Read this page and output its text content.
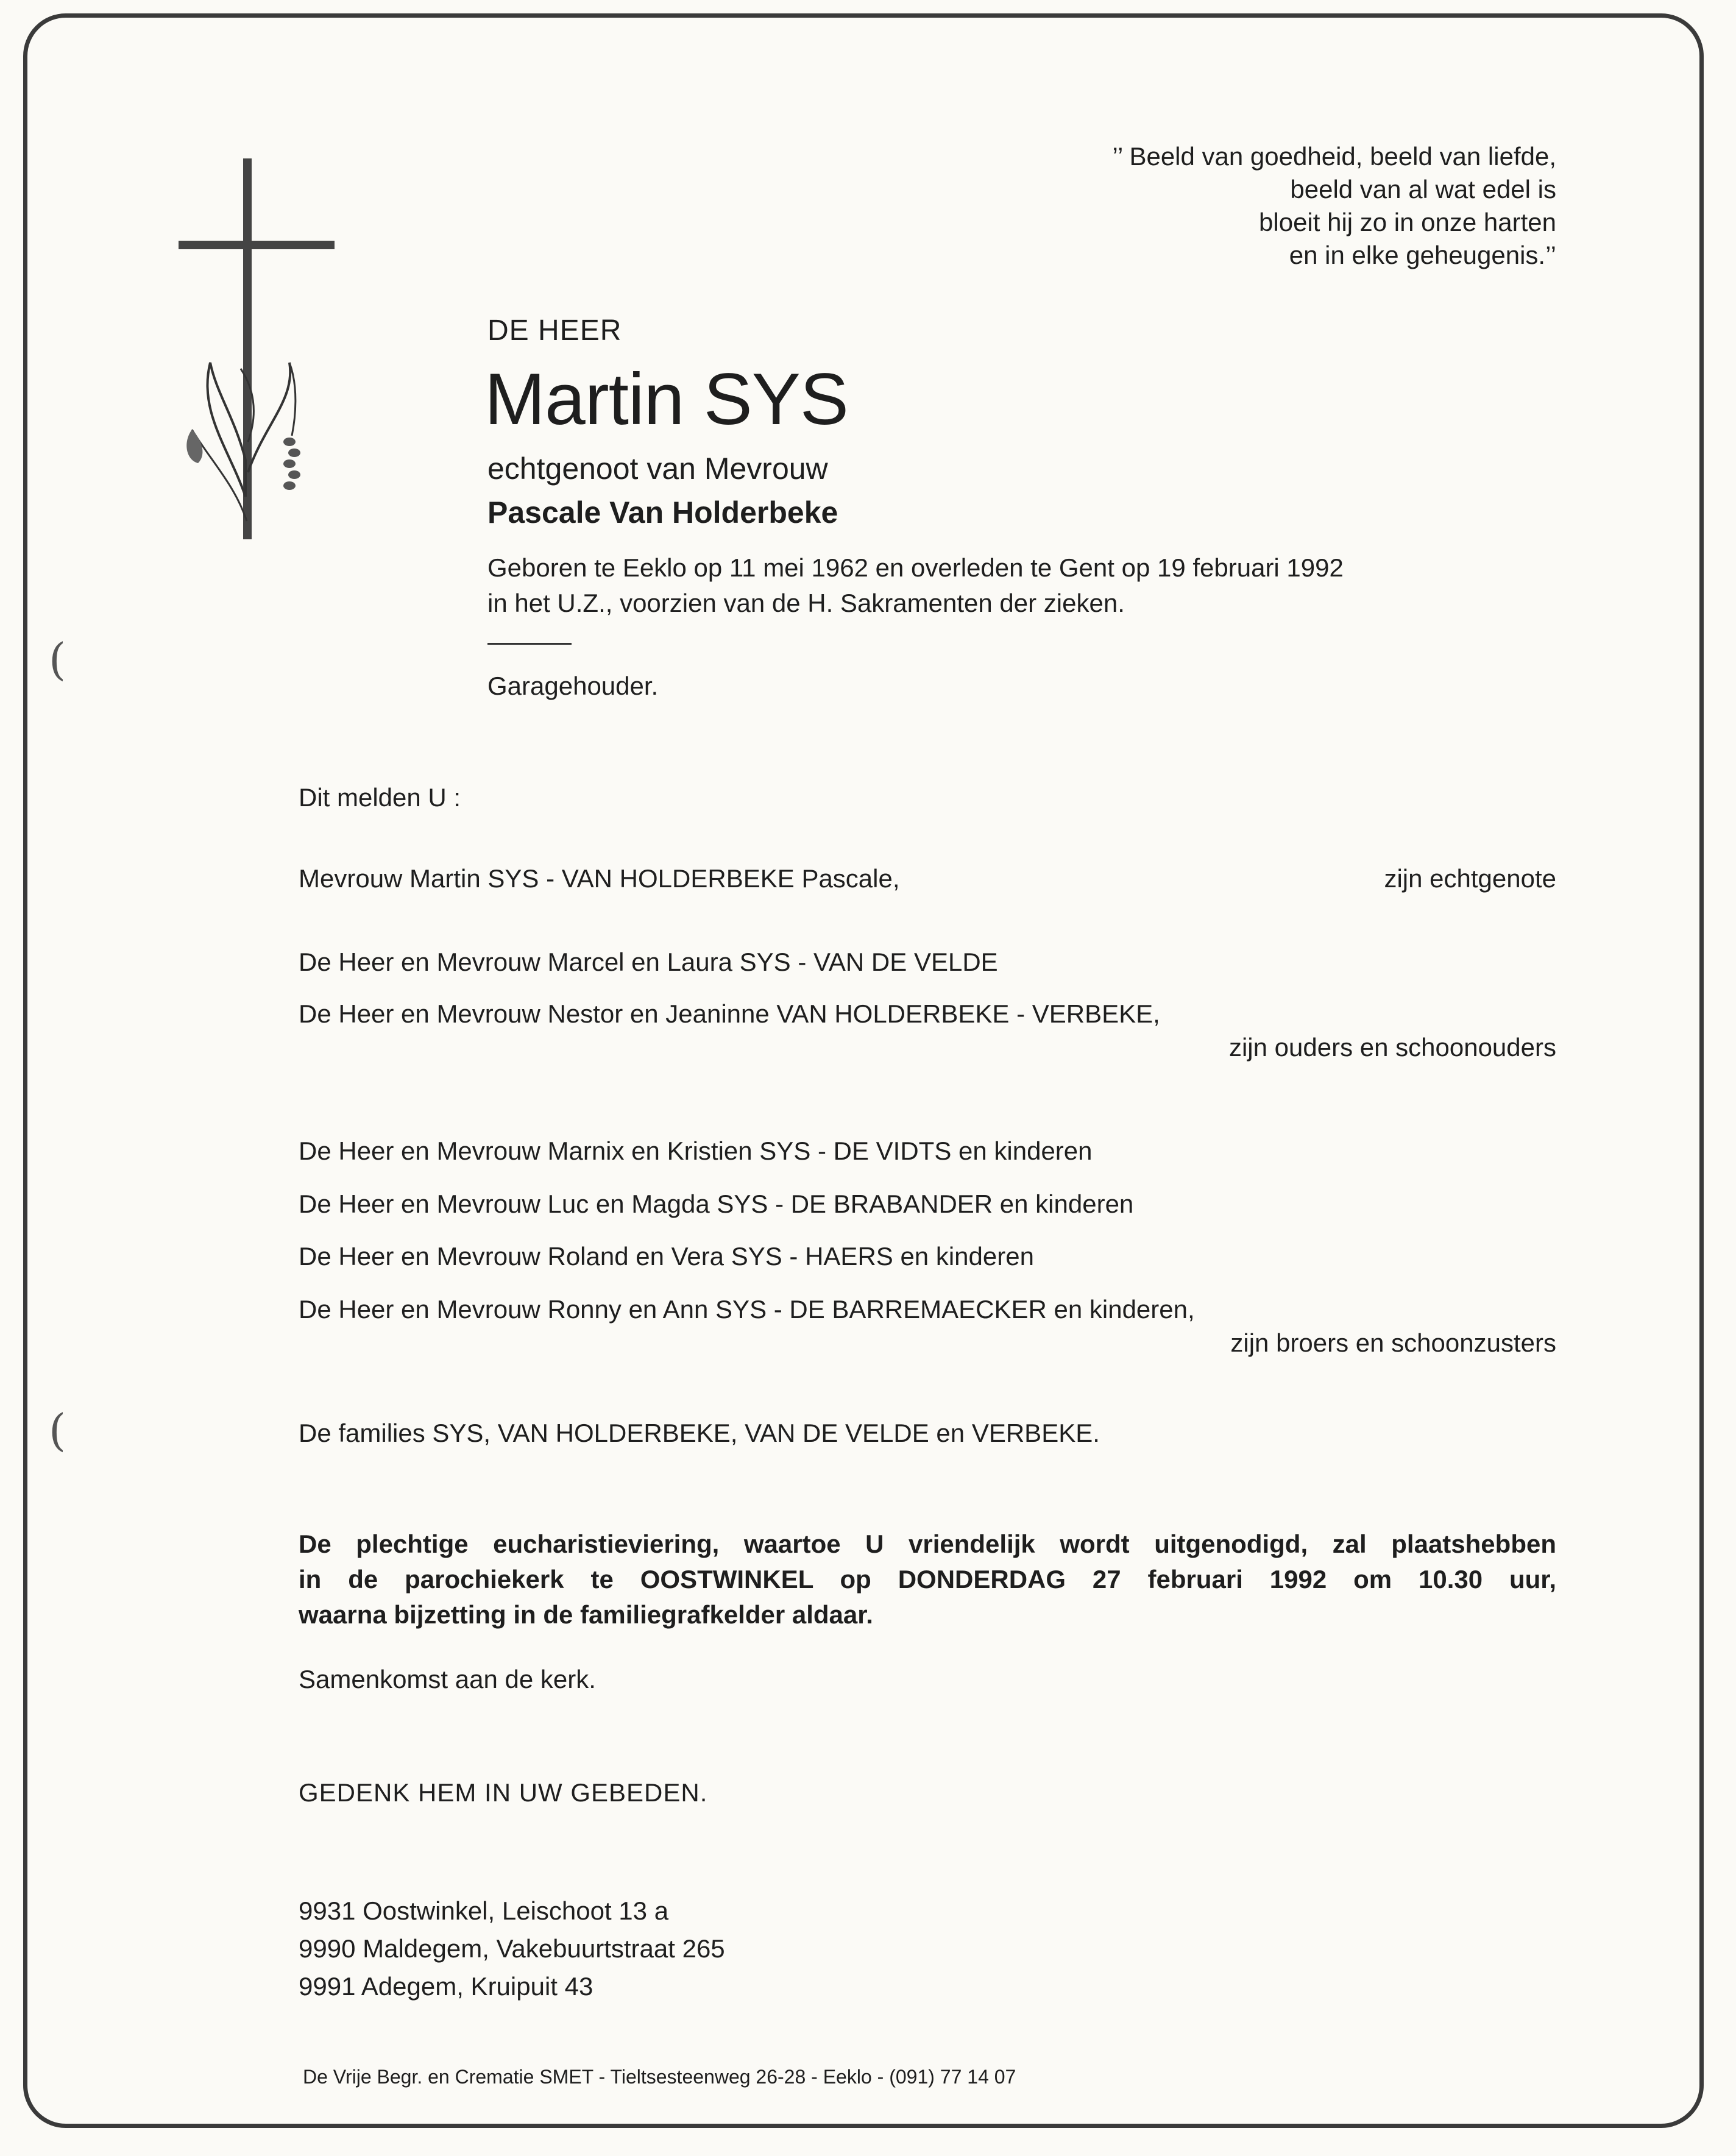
(
(
’’ Beeld van goedheid, beeld van liefde,
beeld van al wat edel is
bloeit hij zo in onze harten
en in elke geheugenis.’’
DE HEER
Martin SYS
echtgenoot van Mevrouw
Pascale Van Holderbeke
Geboren te Eeklo op 11 mei 1962 en overleden te Gent op 19 februari 1992
in het U.Z., voorzien van de H. Sakramenten der zieken.
Garagehouder.
Dit melden U :
Mevrouw Martin SYS - VAN HOLDERBEKE Pascale,	zijn echtgenote
De Heer en Mevrouw Marcel en Laura SYS - VAN DE VELDE
De Heer en Mevrouw Nestor en Jeaninne VAN HOLDERBEKE - VERBEKE,
zijn ouders en schoonouders
De Heer en Mevrouw Marnix en Kristien SYS - DE VIDTS en kinderen
De Heer en Mevrouw Luc en Magda SYS - DE BRABANDER en kinderen
De Heer en Mevrouw Roland en Vera SYS - HAERS en kinderen
De Heer en Mevrouw Ronny en Ann SYS - DE BARREMAECKER en kinderen,
zijn broers en schoonzusters
De families SYS, VAN HOLDERBEKE, VAN DE VELDE en VERBEKE.
De plechtige eucharistieviering, waartoe U vriendelijk wordt uitgenodigd, zal plaatshebben
in de parochiekerk te OOSTWINKEL op DONDERDAG 27 februari 1992 om 10.30 uur,
waarna bijzetting in de familiegrafkelder aldaar.
Samenkomst aan de kerk.
GEDENK HEM IN UW GEBEDEN.
9931 Oostwinkel, Leischoot 13 a
9990 Maldegem, Vakebuurtstraat 265
9991 Adegem, Kruipuit 43
De Vrije Begr. en Crematie SMET - Tieltsesteenweg 26-28 - Eeklo - (091) 77 14 07
